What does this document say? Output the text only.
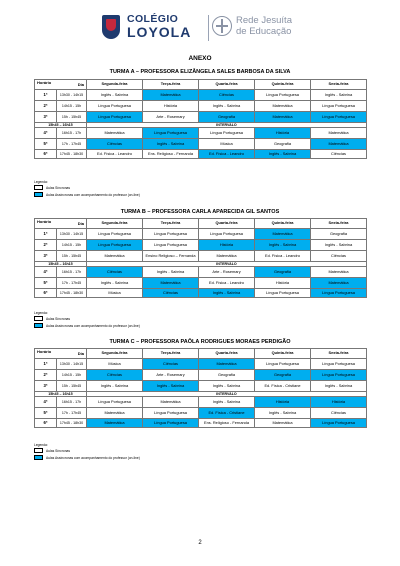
COLÉGIO
LOYOLA
Rede Jesuíta
de Educação
ANEXO
TURMA A – PROFESSORA ELIZÂNGELA SALES BARBOSA DA SILVA
Horário Dia		Segunda-feira	Terça-feira	Quarta-feira	Quinta-feira	Sexta-feira
1ª	13h30 - 14h15	Inglês - Sabrina	Matemática	Ciências	Língua Portuguesa	Inglês - Sabrina
2ª	14h15 - 15h	Língua Portuguesa	História	Inglês - Sabrina	Matemática	Língua Portuguesa
3ª	15h - 15h45	Língua Portuguesa	Arte - Rosemary	Geografia	Matemática	Língua Portuguesa
15h45 – 16h15		INTERVALO				
4ª	16h15 - 17h	Matemática	Língua Portuguesa	Língua Portuguesa	História	Matemática
5ª	17h - 17h45	Ciências	Inglês - Sabrina	Música	Geografia	Matemática
6ª	17h45 - 18h30	Ed. Física - Leandro	Ens. Religioso - Fernanda	Ed. Física - Leandro	Inglês - Sabrina	Ciências
Legenda:
Aulas Síncronas
Aulas Assíncronas com acompanhamento do professor (on-line)
TURMA B – PROFESSORA CARLA APARECIDA GIL SANTOS
Horário Dia		Segunda-feira	Terça-feira	Quarta-feira	Quinta-feira	Sexta-feira
1ª	13h30 - 14h15	Língua Portuguesa	Língua Portuguesa	Língua Portuguesa	Matemática	Geografia
2ª	14h15 - 15h	Língua Portuguesa	Língua Portuguesa	História	Inglês - Sabrina	Inglês - Sabrina
3ª	15h - 15h45	Matemática	Ensino Religioso – Fernanda	Matemática	Ed. Física - Leandro	Ciências
15h45 – 16h15		INTERVALO				
4ª	16h15 - 17h	Ciências	Inglês - Sabrina	Arte - Rosemary	Geografia	Matemática
5ª	17h - 17h45	Inglês - Sabrina	Matemática	Ed. Física - Leandro	História	Matemática
6ª	17h45 - 18h30	Música	Ciências	Inglês - Sabrina	Língua Portuguesa	Língua Portuguesa
Legenda:
Aulas Síncronas
Aulas Assíncronas com acompanhamento do professor (on-line)
TURMA C – PROFESSORA PAÔLA RODRIGUES MORAES PERDIGÃO
Horário Dia		Segunda-feira	Terça-feira	Quarta-feira	Quinta-feira	Sexta-feira
1ª	13h30 - 14h15	Música	Ciências	Matemática	Língua Portuguesa	Língua Portuguesa
2ª	14h15 - 15h	Ciências	Arte - Rosemary	Geografia	Geografia	Língua Portuguesa
3ª	15h - 15h45	Inglês - Sabrina	Inglês - Sabrina	Inglês - Sabrina	Ed. Física - Cristiane	Inglês - Sabrina
15h45 – 16h15		INTERVALO				
4ª	16h15 - 17h	Língua Portuguesa	Matemática	Inglês - Sabrina	História	História
5ª	17h - 17h45	Matemática	Língua Portuguesa	Ed. Física - Cristiane	Inglês - Sabrina	Ciências
6ª	17h45 - 18h30	Matemática	Língua Portuguesa	Ens. Religioso - Fernanda	Matemática	Língua Portuguesa
Legenda:
Aulas Síncronas
Aulas Assíncronas com acompanhamento do professor (on-line)
2
